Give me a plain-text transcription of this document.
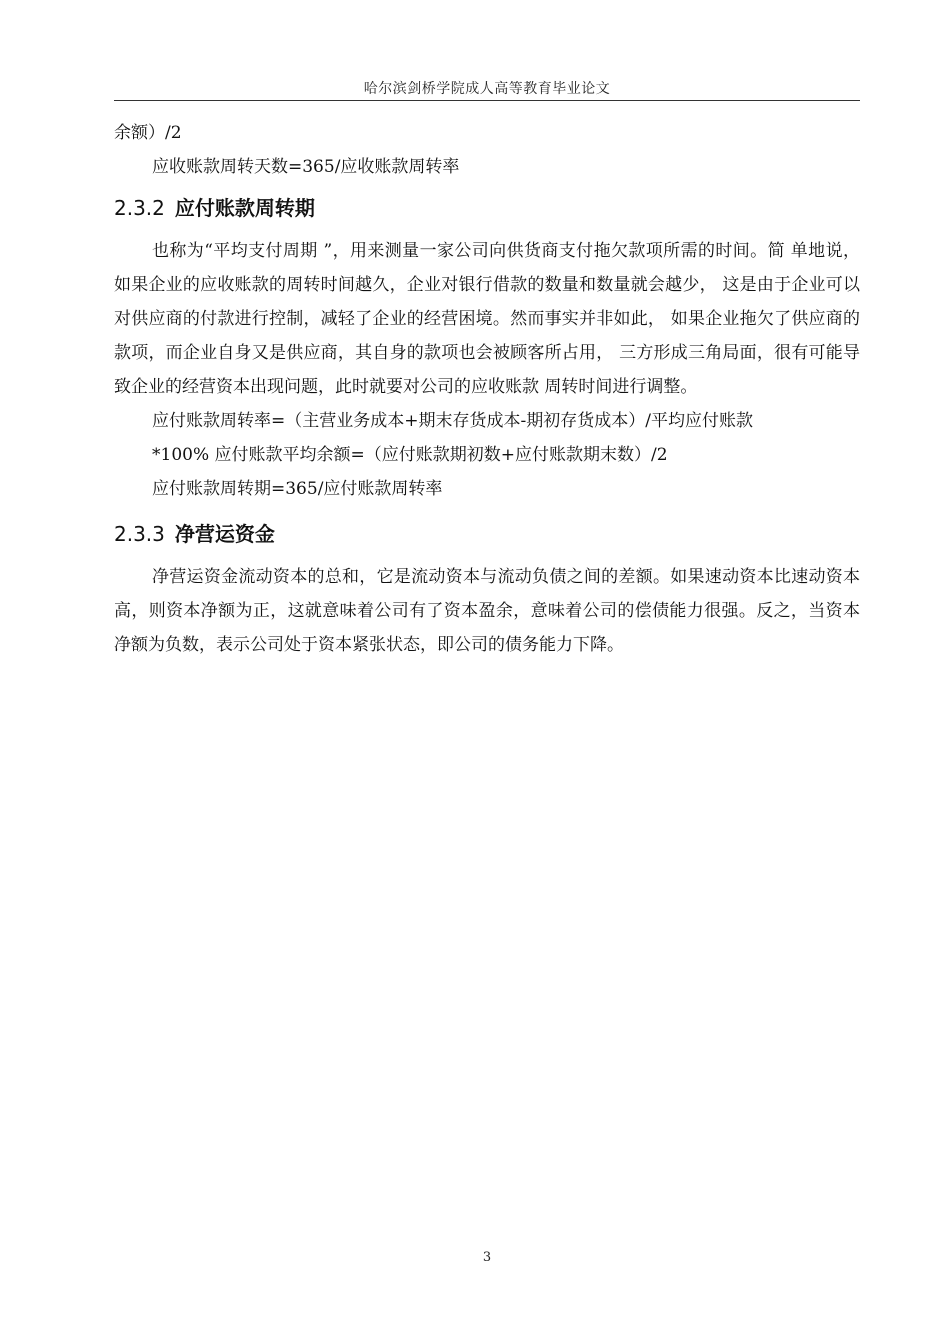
哈尔滨剑桥学院成人高等教育毕业论文
余额）/2
应收账款周转天数=365/应收账款周转率
2.3.2 应付账款周转期

也称为“平均支付周期 ”，用来测量一家公司向供货商支付拖欠款项所需的时间。简 单地说，如果企业的应收账款的周转时间越久，企业对银行借款的数量和数量就会越少， 这是由于企业可以对供应商的付款进行控制，减轻了企业的经营困境。然而事实并非如此， 如果企业拖欠了供应商的款项，而企业自身又是供应商，其自身的款项也会被顾客所占用， 三方形成三角局面，很有可能导致企业的经营资本出现问题，此时就要对公司的应收账款 周转时间进行调整。

应付账款周转率=（主营业务成本+期末存货成本-期初存货成本）/平均应付账款
*100% 应付账款平均余额=（应付账款期初数+应付账款期末数）/2
应付账款周转期=365/应付账款周转率
2.3.3 净营运资金

净营运资金流动资本的总和，它是流动资本与流动负债之间的差额。如果速动资本比速动资本高，则资本净额为正，这就意味着公司有了资本盈余，意味着公司的偿债能力很强。反之，当资本净额为负数，表示公司处于资本紧张状态，即公司的债务能力下降。

3
